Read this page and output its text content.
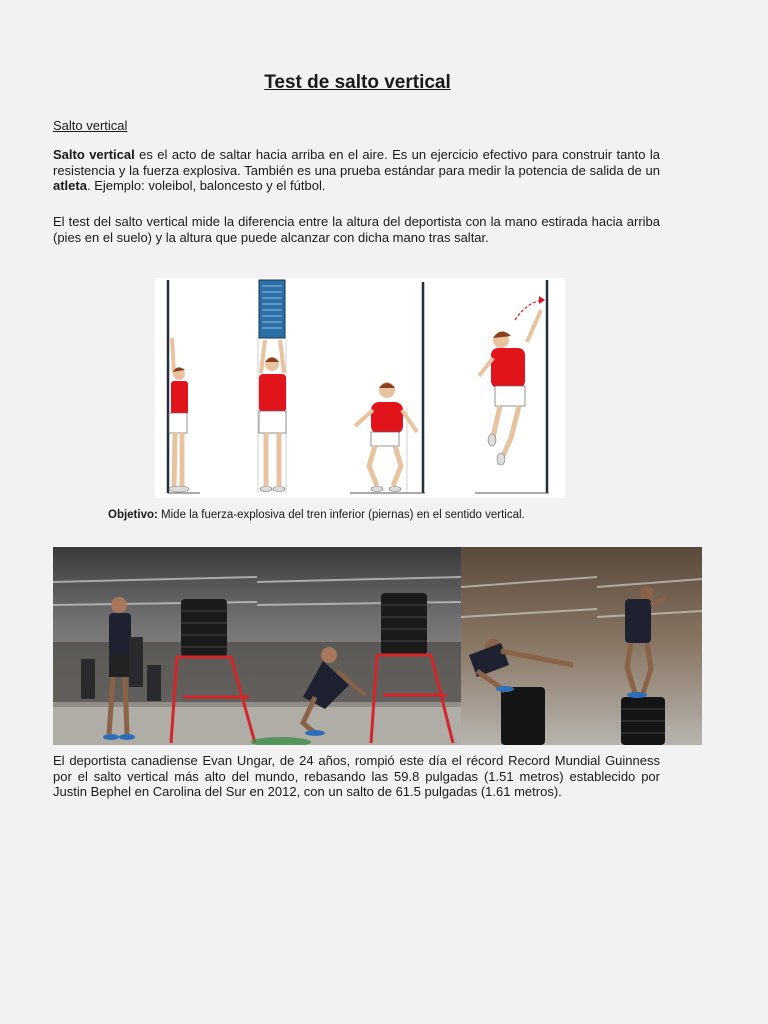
Test de salto vertical

Salto vertical

Salto vertical es el acto de saltar hacia arriba en el aire. Es un ejercicio efectivo para construir tanto la resistencia y la fuerza explosiva. También es una prueba estándar para medir la potencia de salida de un atleta. Ejemplo: voleibol, baloncesto y el fútbol.

El test del salto vertical mide la diferencia entre la altura del deportista con la mano estirada hacia arriba (pies en el suelo) y la altura que puede alcanzar con dicha mano tras saltar.

Objetivo: Mide la fuerza-explosiva del tren inferior (piernas) en el sentido vertical.

El deportista canadiense Evan Ungar, de 24 años, rompió este día el récord Record Mundial Guinness por el salto vertical más alto del mundo, rebasando las 59.8 pulgadas (1.51 metros) establecido por Justin Bephel en Carolina del Sur en 2012, con un salto de 61.5 pulgadas (1.61 metros).
